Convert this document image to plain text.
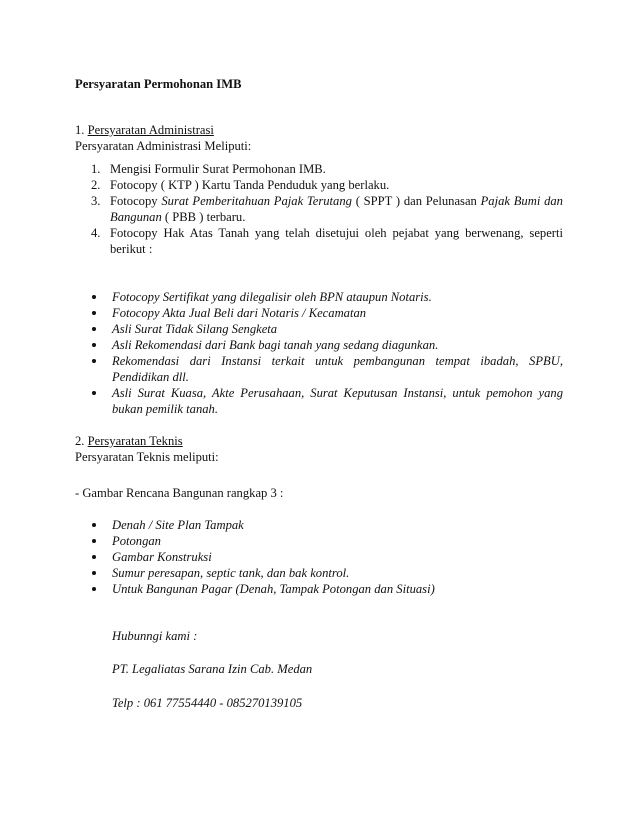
Persyaratan Permohonan IMB
1. Persyaratan Administrasi
Persyaratan Administrasi Meliputi:
1. Mengisi Formulir Surat Permohonan IMB.
2. Fotocopy ( KTP ) Kartu Tanda Penduduk yang berlaku.
3. Fotocopy Surat Pemberitahuan Pajak Terutang ( SPPT ) dan Pelunasan Pajak Bumi dan Bangunan ( PBB ) terbaru.
4. Fotocopy Hak Atas Tanah yang telah disetujui oleh pejabat yang berwenang, seperti berikut :
Fotocopy Sertifikat yang dilegalisir oleh BPN ataupun Notaris.
Fotocopy Akta Jual Beli dari Notaris / Kecamatan
Asli Surat Tidak Silang Sengketa
Asli Rekomendasi dari Bank bagi tanah yang sedang diagunkan.
Rekomendasi dari Instansi terkait untuk pembangunan tempat ibadah, SPBU, Pendidikan dll.
Asli Surat Kuasa, Akte Perusahaan, Surat Keputusan Instansi, untuk pemohon yang bukan pemilik tanah.
2. Persyaratan Teknis
Persyaratan Teknis meliputi:
- Gambar Rencana Bangunan rangkap 3 :
Denah / Site Plan Tampak
Potongan
Gambar Konstruksi
Sumur peresapan, septic tank, dan bak kontrol.
Untuk Bangunan Pagar (Denah, Tampak Potongan dan Situasi)
Hubunngi kami :
PT. Legaliatas Sarana Izin Cab. Medan
Telp : 061 77554440 - 085270139105
